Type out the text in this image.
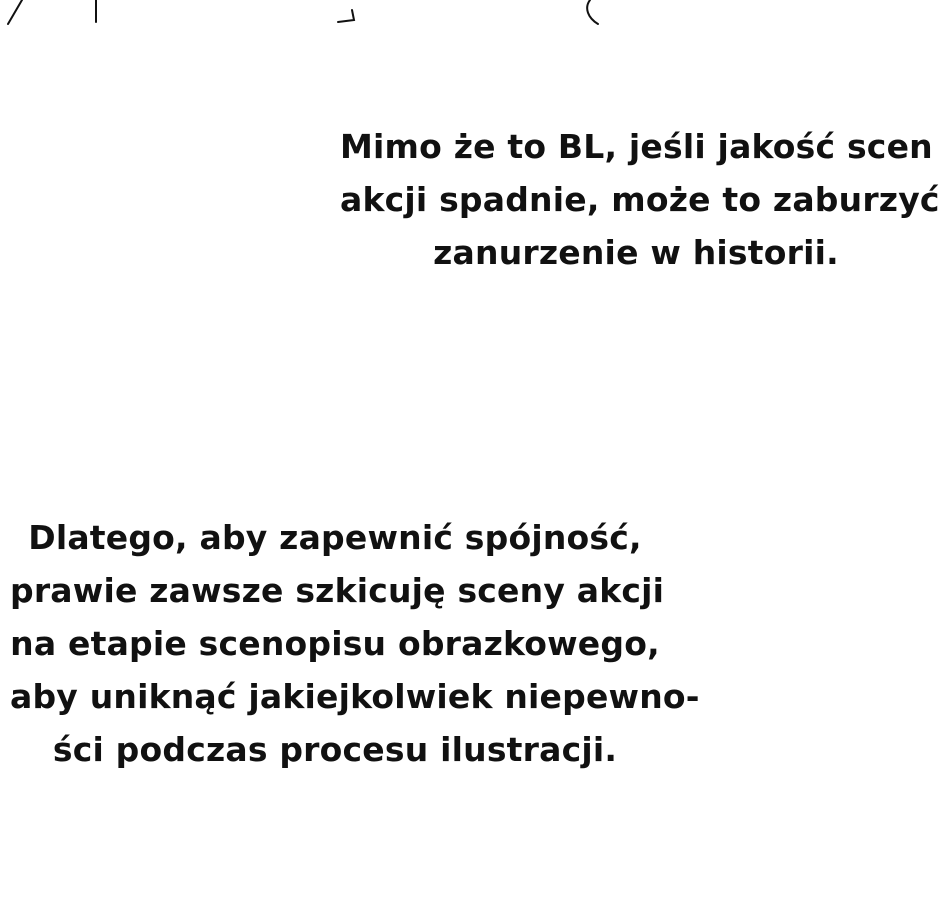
Mimo że to BL, jeśli jakość scen
akcji spadnie, może to zaburzyć
zanurzenie w historii.
Dlatego, aby zapewnić spójność,
prawie zawsze szkicuję sceny akcji
na etapie scenopisu obrazkowego,
aby uniknąć jakiejkolwiek niepewno-
ści podczas procesu ilustracji.
